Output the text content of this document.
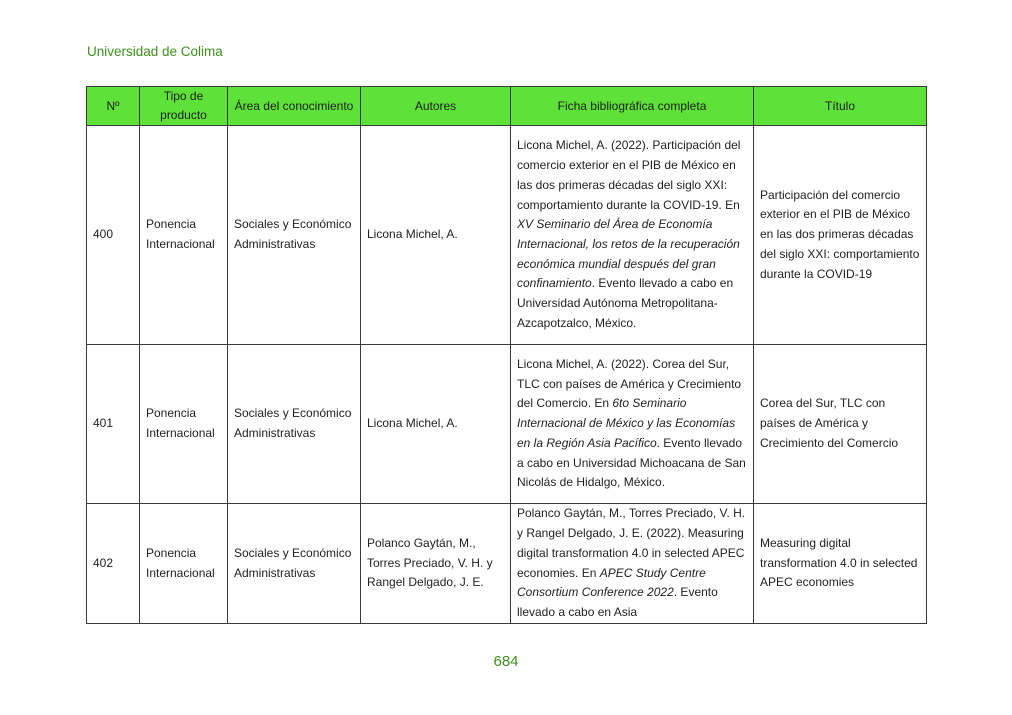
Universidad de Colima
Nº	Tipo de producto	Área del conocimiento	Autores	Ficha bibliográfica completa	Título
400	Ponencia Internacional	Sociales y Económico Administrativas	Licona Michel, A.	Licona Michel, A. (2022). Participación del comercio exterior en el PIB de México en las dos primeras décadas del siglo XXI: comportamiento durante la COVID-19. En XV Seminario del Área de Economía Internacional, los retos de la recuperación económica mundial después del gran confinamiento. Evento llevado a cabo en Universidad Autónoma Metropolitana-Azcapotzalco, México.	Participación del comercio exterior en el PIB de México en las dos primeras décadas del siglo XXI: comportamiento durante la COVID-19
401	Ponencia Internacional	Sociales y Económico Administrativas	Licona Michel, A.	Licona Michel, A. (2022). Corea del Sur, TLC con países de América y Crecimiento del Comercio. En 6to Seminario Internacional de México y las Economías en la Región Asia Pacífico. Evento llevado a cabo en Universidad Michoacana de San Nicolás de Hidalgo, México.	Corea del Sur, TLC con países de América y Crecimiento del Comercio
402	Ponencia Internacional	Sociales y Económico Administrativas	Polanco Gaytán, M., Torres Preciado, V. H. y Rangel Delgado, J. E.	Polanco Gaytán, M., Torres Preciado, V. H. y Rangel Delgado, J. E. (2022). Measuring digital transformation 4.0 in selected APEC economies. En APEC Study Centre Consortium Conference 2022. Evento llevado a cabo en Asia	Measuring digital transformation 4.0 in selected APEC economies
684
